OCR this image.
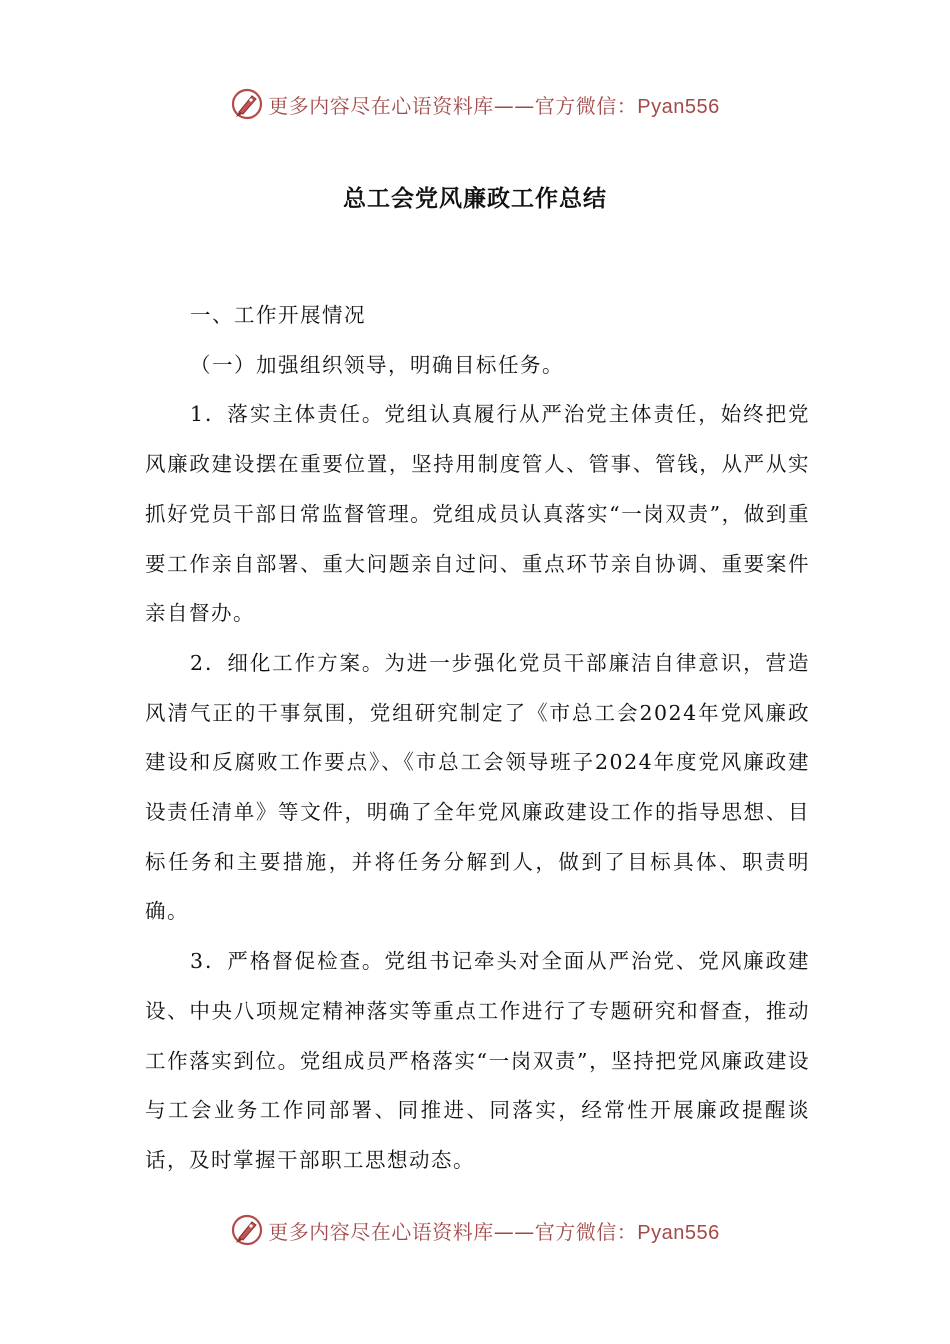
更多内容尽在心语资料库——官方微信：Pyan556
总工会党风廉政工作总结

一、工作开展情况

（一）加强组织领导，明确目标任务。

1．落实主体责任。党组认真履行从严治党主体责任，始终把党风廉政建设摆在重要位置，坚持用制度管人、管事、管钱，从严从实抓好党员干部日常监督管理。党组成员认真落实“一岗双责”，做到重要工作亲自部署、重大问题亲自过问、重点环节亲自协调、重要案件亲自督办。

2．细化工作方案。为进一步强化党员干部廉洁自律意识，营造风清气正的干事氛围，党组研究制定了《市总工会2024年党风廉政建设和反腐败工作要点》、《市总工会领导班子2024年度党风廉政建设责任清单》等文件，明确了全年党风廉政建设工作的指导思想、目标任务和主要措施，并将任务分解到人，做到了目标具体、职责明确。

3．严格督促检查。党组书记牵头对全面从严治党、党风廉政建设、中央八项规定精神落实等重点工作进行了专题研究和督查，推动工作落实到位。党组成员严格落实“一岗双责”，坚持把党风廉政建设与工会业务工作同部署、同推进、同落实，经常性开展廉政提醒谈话，及时掌握干部职工思想动态。

更多内容尽在心语资料库——官方微信：Pyan556
